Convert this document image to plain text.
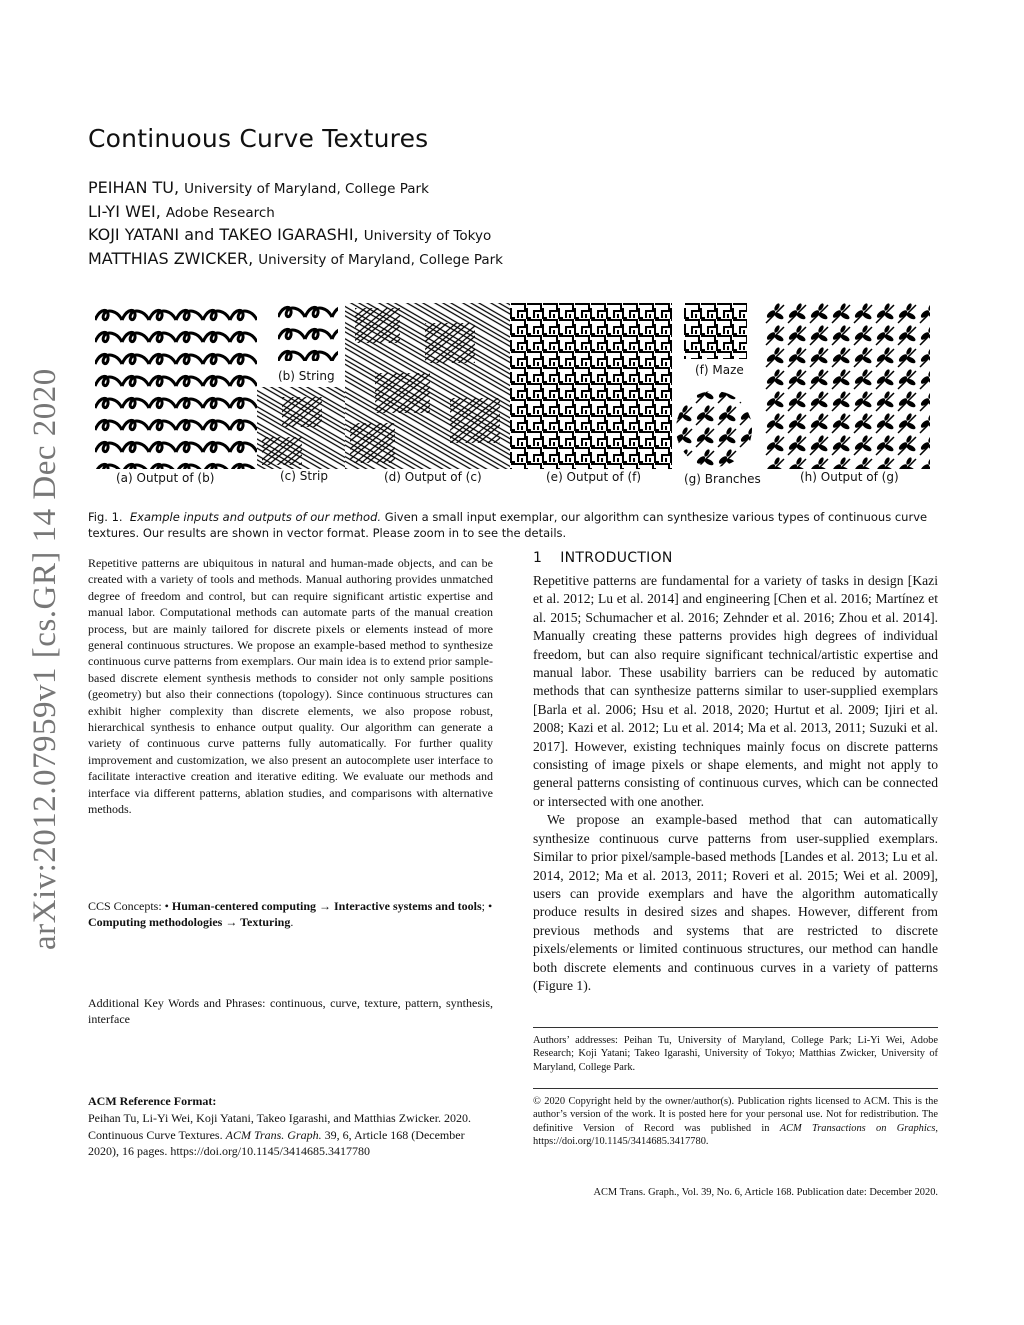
arXiv:2012.07959v1 [cs.GR] 14 Dec 2020
Continuous Curve Textures
PEIHAN TU, University of Maryland, College Park
LI-YI WEI, Adobe Research
KOJI YATANI and TAKEO IGARASHI, University of Tokyo
MATTHIAS ZWICKER, University of Maryland, College Park
(b) String	(f) Maze
(a) Output of (b)	(c) Strip	(d) Output of (c)	(e) Output of (f)	(g) Branches	(h) Output of (g)
Fig. 1. Example inputs and outputs of our method. Given a small input exemplar, our algorithm can synthesize various types of continuous curve textures. Our results are shown in vector format. Please zoom in to see the details.
Repetitive patterns are ubiquitous in natural and human-made objects, and can be created with a variety of tools and methods. Manual authoring provides unmatched degree of freedom and control, but can require significant artistic expertise and manual labor. Computational methods can automate parts of the manual creation process, but are mainly tailored for discrete pixels or elements instead of more general continuous structures. We propose an example-based method to synthesize continuous curve patterns from exemplars. Our main idea is to extend prior sample-based discrete element synthesis methods to consider not only sample positions (geometry) but also their connections (topology). Since continuous structures can exhibit higher complexity than discrete elements, we also propose robust, hierarchical synthesis to enhance output quality. Our algorithm can generate a variety of continuous curve patterns fully automatically. For further quality improvement and customization, we also present an autocomplete user interface to facilitate interactive creation and iterative editing. We evaluate our methods and interface via different patterns, ablation studies, and comparisons with alternative methods.
CCS Concepts: • Human-centered computing → Interactive systems and tools; • Computing methodologies → Texturing.
Additional Key Words and Phrases: continuous, curve, texture, pattern, synthesis, interface
ACM Reference Format:
Peihan Tu, Li-Yi Wei, Koji Yatani, Takeo Igarashi, and Matthias Zwicker. 2020. Continuous Curve Textures. ACM Trans. Graph. 39, 6, Article 168 (December 2020), 16 pages. https://doi.org/10.1145/3414685.3417780
1 INTRODUCTION

Repetitive patterns are fundamental for a variety of tasks in design [Kazi et al. 2012; Lu et al. 2014] and engineering [Chen et al. 2016; Martínez et al. 2015; Schumacher et al. 2016; Zehnder et al. 2016; Zhou et al. 2014]. Manually creating these patterns provides high degrees of individual freedom, but can also require significant technical/artistic expertise and manual labor. These usability barriers can be reduced by automatic methods that can synthesize patterns similar to user-supplied exemplars [Barla et al. 2006; Hsu et al. 2018, 2020; Hurtut et al. 2009; Ijiri et al. 2008; Kazi et al. 2012; Lu et al. 2014; Ma et al. 2013, 2011; Suzuki et al. 2017]. However, existing techniques mainly focus on discrete patterns consisting of image pixels or shape elements, and might not apply to general patterns consisting of continuous curves, which can be connected or intersected with one another.

We propose an example-based method that can automatically synthesize continuous curve patterns from user-supplied exemplars. Similar to prior pixel/sample-based methods [Landes et al. 2013; Lu et al. 2014, 2012; Ma et al. 2013, 2011; Roveri et al. 2015; Wei et al. 2009], users can provide exemplars and have the algorithm automatically produce results in desired sizes and shapes. However, different from previous methods and systems that are restricted to discrete pixels/elements or limited continuous structures, our method can handle both discrete elements and continuous curves in a variety of patterns (Figure 1).

Authors’ addresses: Peihan Tu, University of Maryland, College Park; Li-Yi Wei, Adobe Research; Koji Yatani; Takeo Igarashi, University of Tokyo; Matthias Zwicker, University of Maryland, College Park.
© 2020 Copyright held by the owner/author(s). Publication rights licensed to ACM. This is the author’s version of the work. It is posted here for your personal use. Not for redistribution. The definitive Version of Record was published in ACM Transactions on Graphics, https://doi.org/10.1145/3414685.3417780.
ACM Trans. Graph., Vol. 39, No. 6, Article 168. Publication date: December 2020.
